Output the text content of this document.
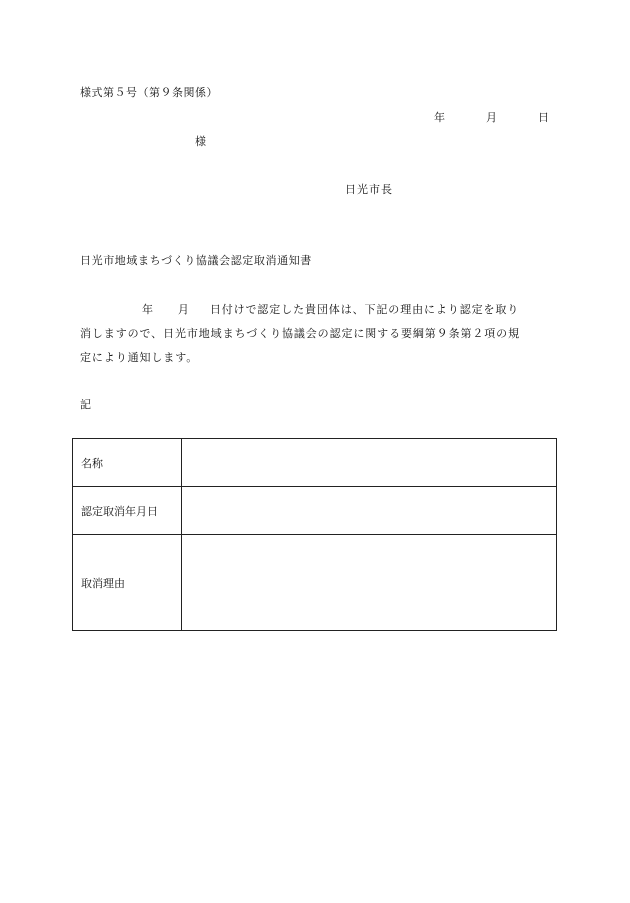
様式第５号（第９条関係）
年	月	日
様
日光市長
日光市地域まちづくり協議会認定取消通知書
年 月 日付けで認定した貴団体は、下記の理由により認定を取り
消しますので、日光市地域まちづくり協議会の認定に関する要綱第９条第２項の規
定により通知します。
記
名称	
認定取消年月日	
取消理由	
